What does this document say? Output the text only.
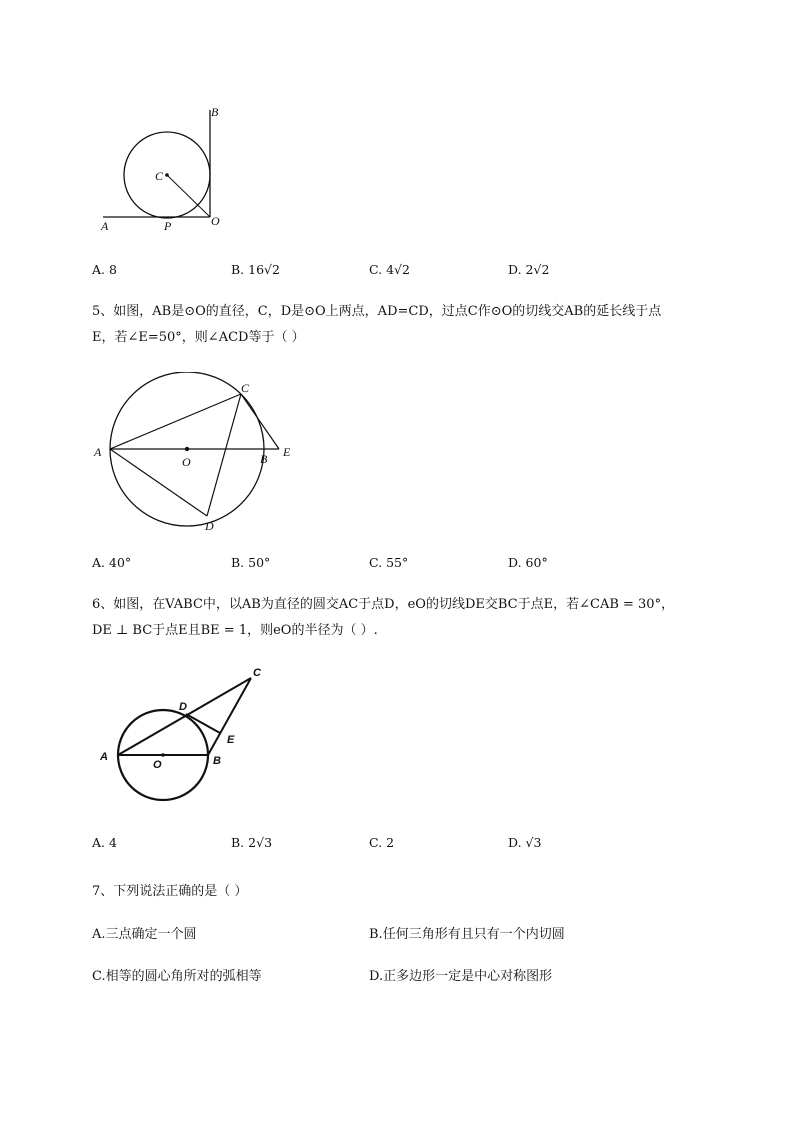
B
C
A	P	O
A. 8	B. 16√2	C. 4√2	D. 2√2
5、如图，AB是⊙O的直径，C，D是⊙O上两点，AD=CD，过点C作⊙O的切线交AB的延长线于点
E，若∠E=50°，则∠ACD等于（ ）
A
O	B E
C
D
A. 40°	B. 50°	C. 55°	D. 60°
6、如图，在VABC中，以AB为直径的圆交AC于点D，eO的切线DE交BC于点E，若∠CAB = 30°，
DE ⊥ BC于点E且BE = 1，则eO的半径为（ ）.
A
O	B
C
D
E
A. 4	B. 2√3	C. 2	D. √3
7、下列说法正确的是（ ）
A.三点确定一个圆	B.任何三角形有且只有一个内切圆
C.相等的圆心角所对的弧相等	D.正多边形一定是中心对称图形
